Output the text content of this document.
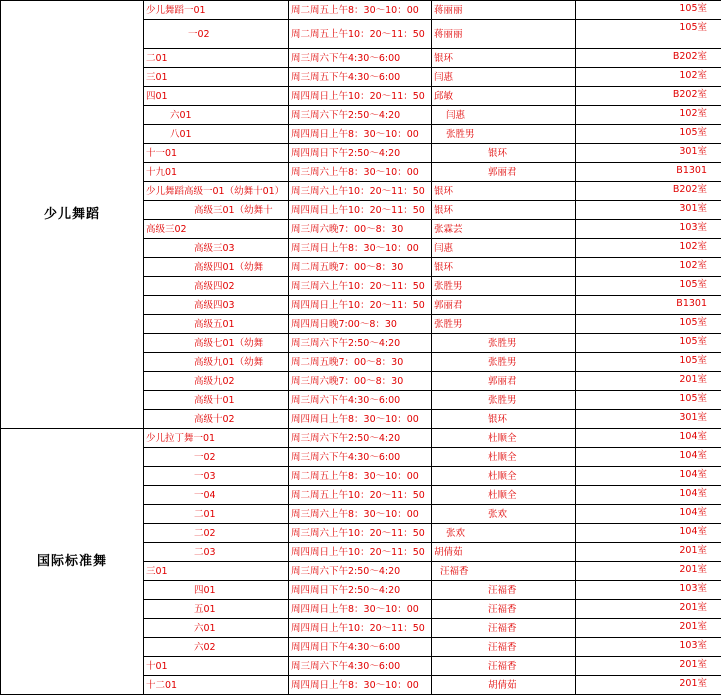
少儿舞蹈	少儿舞蹈一01	周二周五上午8：30～10：00	蒋丽丽	105室
	一02	周二周五上午10：20～11：50	蒋丽丽	105室
	二01	周三周六下午4:30～6:00	银环	B202室
	三01	周三周五下午4:30～6:00	闫惠	102室
	四01	周四周日上午10：20～11：50	邱敏	B202室
	六01	周三周六下午2:50～4:20	闫惠	102室
	八01	周四周日上午8：30～10：00	张胜男	105室
	十一01	周四周日下午2:50～4:20	银环	301室
	十九01	周三周六上午8：30～10：00	郭丽君	B1301
	少儿舞蹈高级一01（幼舞十01）	周三周六上午10：20～11：50	银环	B202室
	高级三01（幼舞十	周四周日上午10：20～11：50	银环	301室
	高级三02	周三周六晚7：00～8：30	张霖芸	103室
	高级三03	周三周日上午8：30～10：00	闫惠	102室
	高级四01（幼舞	周二周五晚7：00～8：30	银环	102室
	高级四02	周三周六上午10：20～11：50	张胜男	105室
	高级四03	周四周日上午10：20～11：50	郭丽君	B1301
	高级五01	周四周日晚7:00～8：30	张胜男	105室
	高级七01（幼舞	周三周六下午2:50～4:20	张胜男	105室
	高级九01（幼舞	周二周五晚7：00～8：30	张胜男	105室
	高级九02	周三周六晚7：00～8：30	郭丽君	201室
	高级十01	周三周六下午4:30～6:00	张胜男	105室
	高级十02	周四周日上午8：30～10：00	银环	301室
国际标准舞	少儿拉丁舞一01	周三周六下午2:50～4:20	杜顺全	104室
	一02	周三周六下午4:30～6:00	杜顺全	104室
	一03	周二周五上午8：30～10：00	杜顺全	104室
	一04	周二周五上午10：20～11：50	杜顺全	104室
	二01	周三周六上午8：30～10：00	张欢	104室
	二02	周三周六上午10：20～11：50	张欢	104室
	二03	周四周日上午10：20～11：50	胡倩茹	201室
	三01	周三周六下午2:50～4:20	汪福香	201室
	四01	周四周日下午2:50～4:20	汪福香	103室
	五01	周四周日上午8：30～10：00	汪福香	201室
	六01	周四周日上午10：20～11：50	汪福香	201室
	六02	周四周日下午4:30～6:00	汪福香	103室
	十01	周三周六下午4:30～6:00	汪福香	201室
	十二01	周四周日上午8：30～10：00	胡倩茹	201室
